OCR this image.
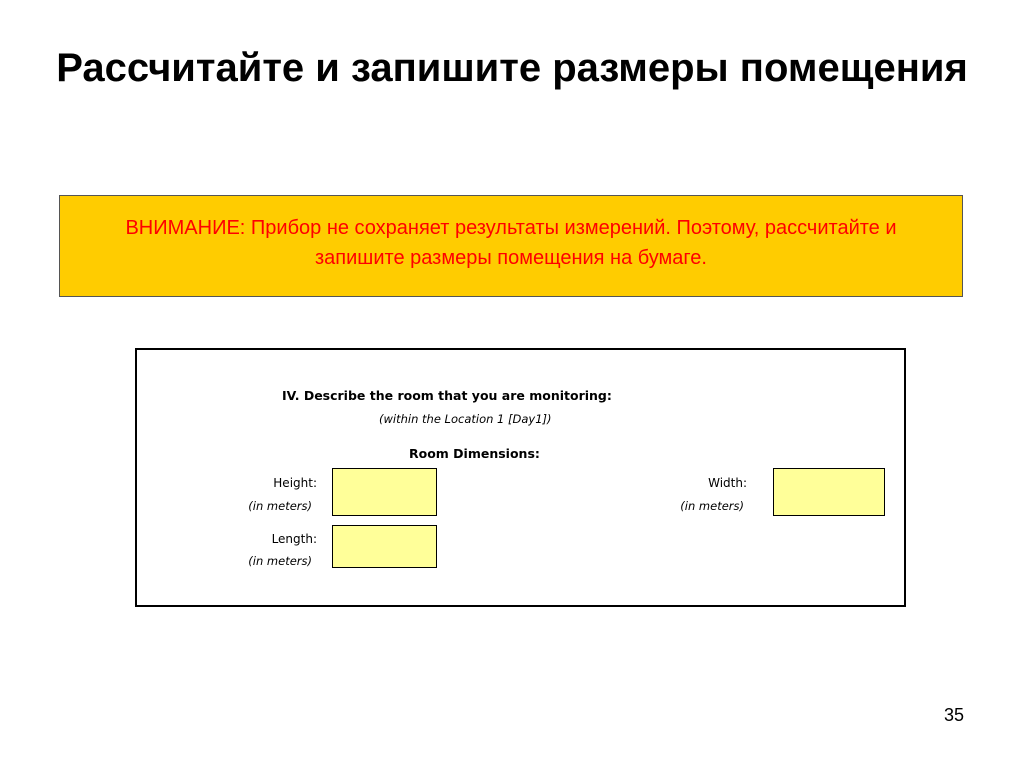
Рассчитайте и запишите размеры помещения
ВНИМАНИЕ: Прибор не сохраняет результаты измерений. Поэтому, рассчитайте и запишите размеры помещения на бумаге.
IV. Describe the room that you are monitoring:
(within the Location 1 [Day1])
Room Dimensions:
Height:
(in meters)
Length:
(in meters)
Width:
(in meters)
35
